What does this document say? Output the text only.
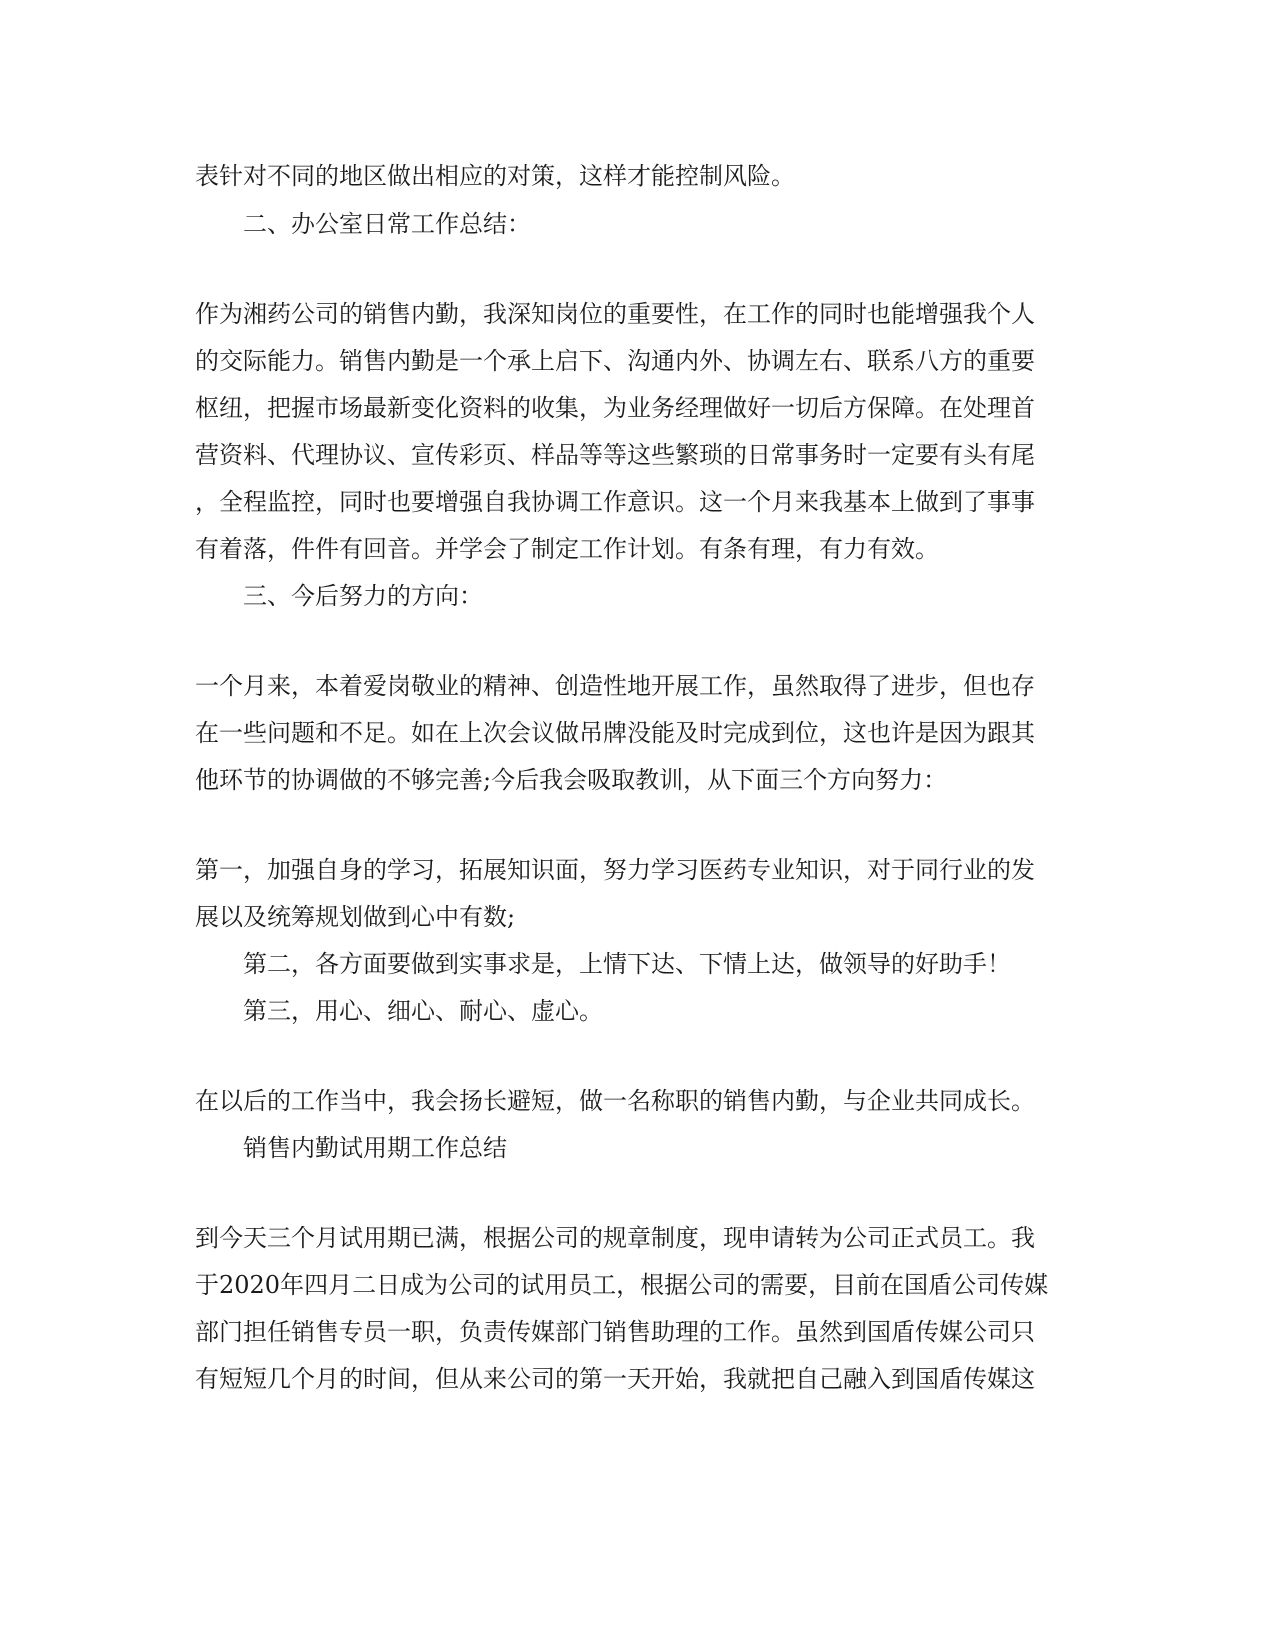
表针对不同的地区做出相应的对策，这样才能控制风险。
二、办公室日常工作总结：
作为湘药公司的销售内勤，我深知岗位的重要性，在工作的同时也能增强我个人
的交际能力。销售内勤是一个承上启下、沟通内外、协调左右、联系八方的重要
枢纽，把握市场最新变化资料的收集，为业务经理做好一切后方保障。在处理首
营资料、代理协议、宣传彩页、样品等等这些繁琐的日常事务时一定要有头有尾
，全程监控，同时也要增强自我协调工作意识。这一个月来我基本上做到了事事
有着落，件件有回音。并学会了制定工作计划。有条有理，有力有效。
三、今后努力的方向：
一个月来，本着爱岗敬业的精神、创造性地开展工作，虽然取得了进步，但也存
在一些问题和不足。如在上次会议做吊牌没能及时完成到位，这也许是因为跟其
他环节的协调做的不够完善;今后我会吸取教训，从下面三个方向努力：
第一，加强自身的学习，拓展知识面，努力学习医药专业知识，对于同行业的发
展以及统筹规划做到心中有数;
第二，各方面要做到实事求是，上情下达、下情上达，做领导的好助手！
第三，用心、细心、耐心、虚心。
在以后的工作当中，我会扬长避短，做一名称职的销售内勤，与企业共同成长。
销售内勤试用期工作总结
到今天三个月试用期已满，根据公司的规章制度，现申请转为公司正式员工。我
于2020年四月二日成为公司的试用员工，根据公司的需要，目前在国盾公司传媒
部门担任销售专员一职，负责传媒部门销售助理的工作。虽然到国盾传媒公司只
有短短几个月的时间，但从来公司的第一天开始，我就把自己融入到国盾传媒这
